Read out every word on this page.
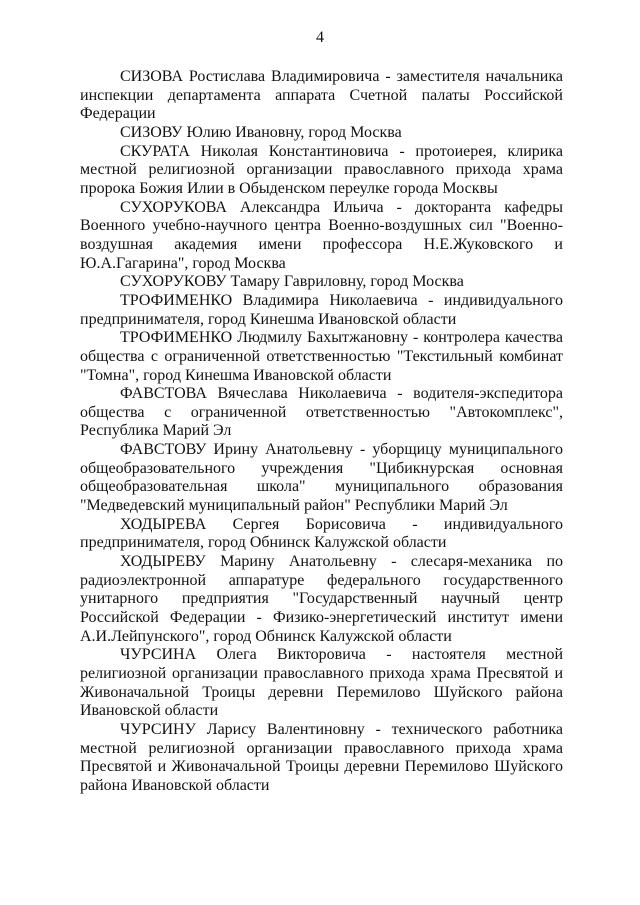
4

СИЗОВА Ростислава Владимировича - заместителя начальника инспекции департамента аппарата Счетной палаты Российской Федерации

СИЗОВУ Юлию Ивановну, город Москва

СКУРАТА Николая Константиновича - протоиерея, клирика местной религиозной организации православного прихода храма пророка Божия Илии в Обыденском переулке города Москвы

СУХОРУКОВА Александра Ильича - докторанта кафедры Военного учебно-научного центра Военно-воздушных сил "Военно-воздушная академия имени профессора Н.Е.Жуковского и Ю.А.Гагарина", город Москва

СУХОРУКОВУ Тамару Гавриловну, город Москва

ТРОФИМЕНКО Владимира Николаевича - индивидуального предпринимателя, город Кинешма Ивановской области

ТРОФИМЕНКО Людмилу Бахытжановну - контролера качества общества с ограниченной ответственностью "Текстильный комбинат "Томна", город Кинешма Ивановской области

ФАВСТОВА Вячеслава Николаевича - водителя-экспедитора общества с ограниченной ответственностью "Автокомплекс", Республика Марий Эл

ФАВСТОВУ Ирину Анатольевну - уборщицу муниципального общеобразовательного учреждения "Цибикнурская основная общеобразовательная школа" муниципального образования "Медведевский муниципальный район" Республики Марий Эл

ХОДЫРЕВА Сергея Борисовича - индивидуального предпринимателя, город Обнинск Калужской области

ХОДЫРЕВУ Марину Анатольевну - слесаря-механика по радиоэлектронной аппаратуре федерального государственного унитарного предприятия "Государственный научный центр Российской Федерации - Физико-энергетический институт имени А.И.Лейпунского", город Обнинск Калужской области

ЧУРСИНА Олега Викторовича - настоятеля местной религиозной организации православного прихода храма Пресвятой и Живоначальной Троицы деревни Перемилово Шуйского района Ивановской области

ЧУРСИНУ Ларису Валентиновну - технического работника местной религиозной организации православного прихода храма Пресвятой и Живоначальной Троицы деревни Перемилово Шуйского района Ивановской области
